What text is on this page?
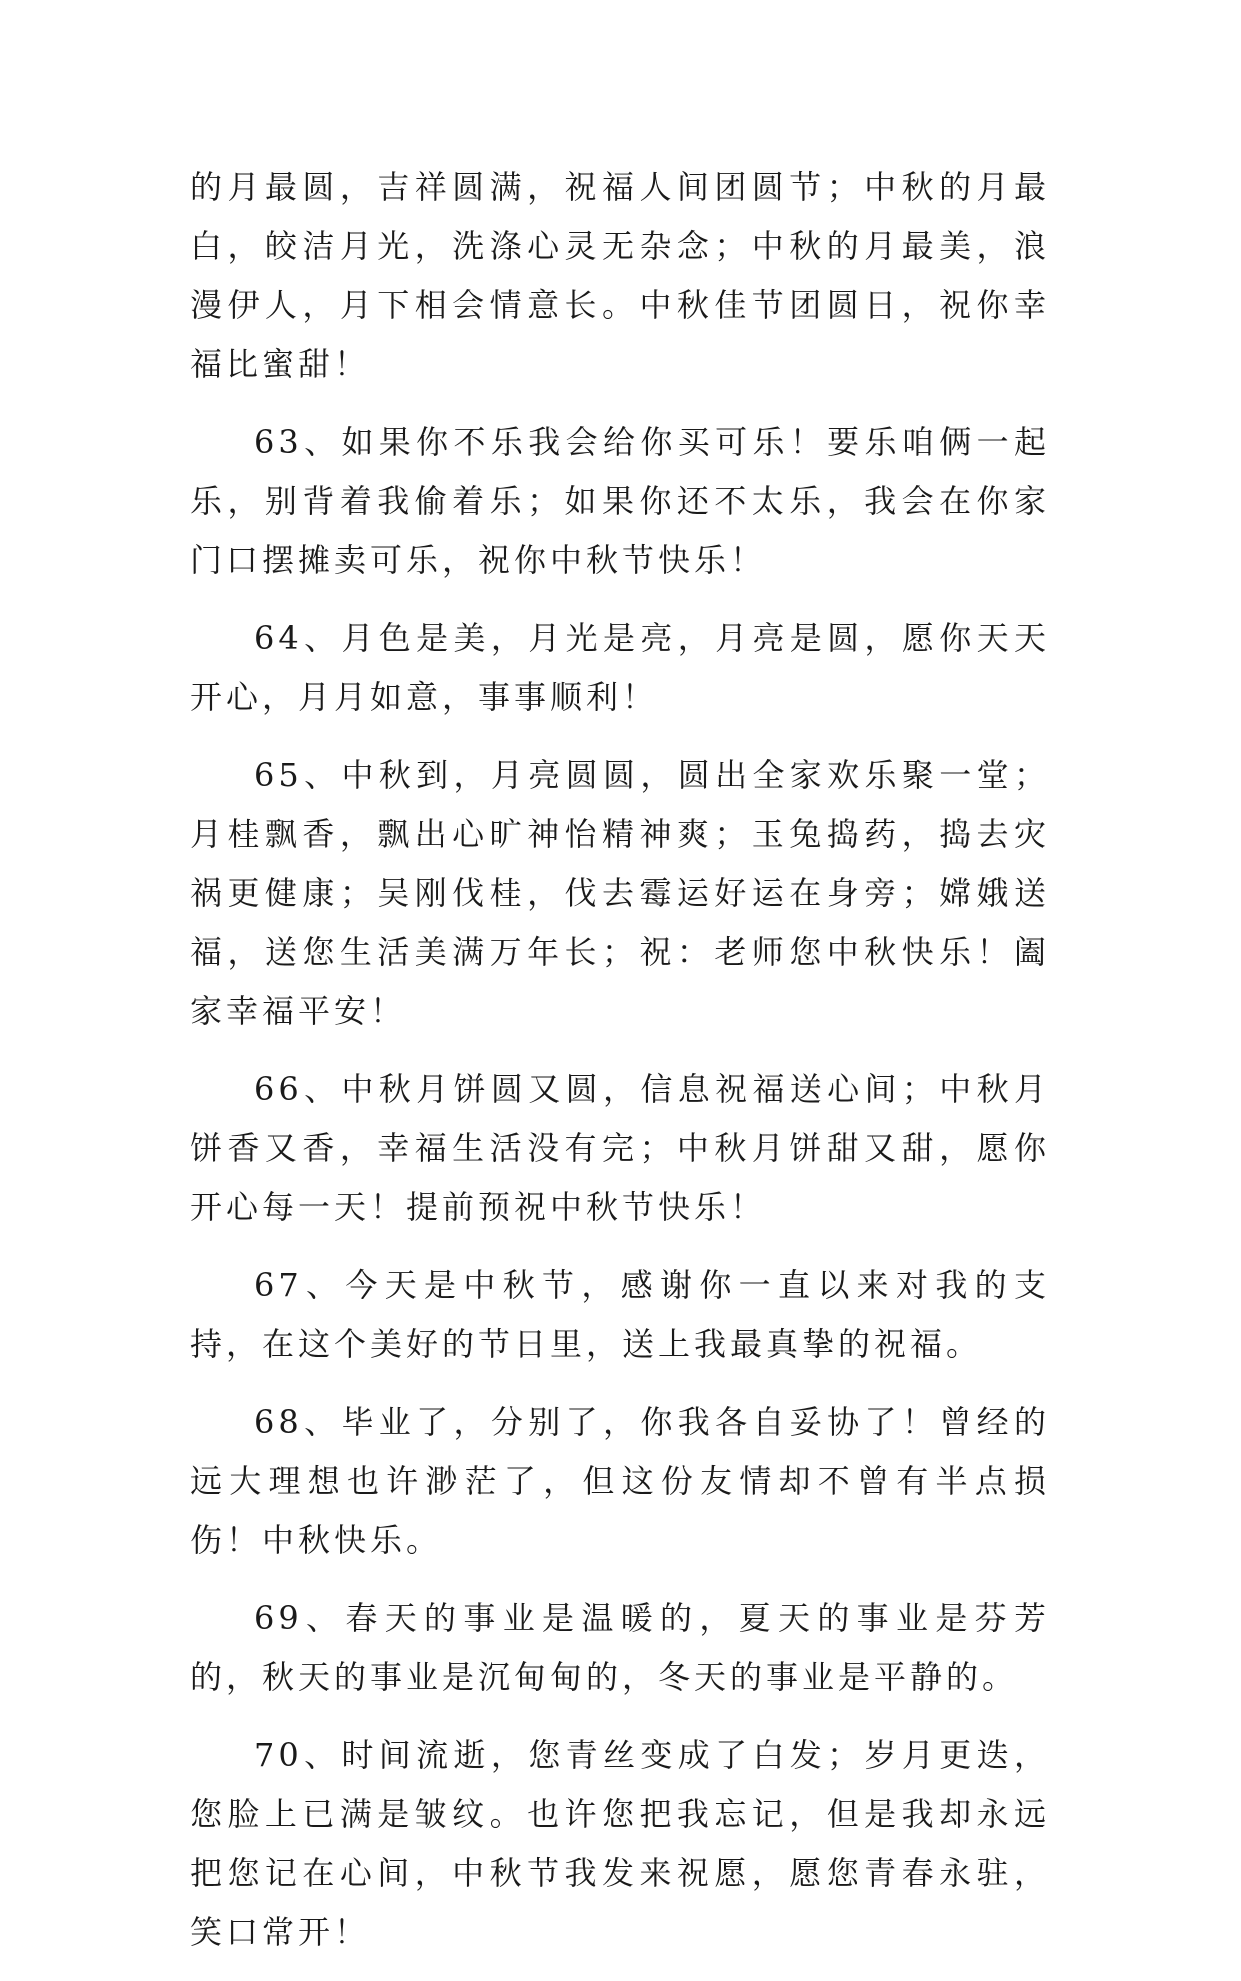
的月最圆，吉祥圆满，祝福人间团圆节；中秋的月最白，皎洁月光，洗涤心灵无杂念；中秋的月最美，浪漫伊人，月下相会情意长。中秋佳节团圆日，祝你幸福比蜜甜！

63、如果你不乐我会给你买可乐！要乐咱俩一起乐，别背着我偷着乐；如果你还不太乐，我会在你家门口摆摊卖可乐，祝你中秋节快乐！

64、月色是美，月光是亮，月亮是圆，愿你天天开心，月月如意，事事顺利！

65、中秋到，月亮圆圆，圆出全家欢乐聚一堂；月桂飘香，飘出心旷神怡精神爽；玉兔捣药，捣去灾祸更健康；吴刚伐桂，伐去霉运好运在身旁；嫦娥送福，送您生活美满万年长；祝：老师您中秋快乐！阖家幸福平安！

66、中秋月饼圆又圆，信息祝福送心间；中秋月饼香又香，幸福生活没有完；中秋月饼甜又甜，愿你开心每一天！提前预祝中秋节快乐！

67、今天是中秋节，感谢你一直以来对我的支持，在这个美好的节日里，送上我最真挚的祝福。

68、毕业了，分别了，你我各自妥协了！曾经的远大理想也许渺茫了，但这份友情却不曾有半点损伤！中秋快乐。

69、春天的事业是温暖的，夏天的事业是芬芳的，秋天的事业是沉甸甸的，冬天的事业是平静的。

70、时间流逝，您青丝变成了白发；岁月更迭，您脸上已满是皱纹。也许您把我忘记，但是我却永远把您记在心间，中秋节我发来祝愿，愿您青春永驻，笑口常开！
